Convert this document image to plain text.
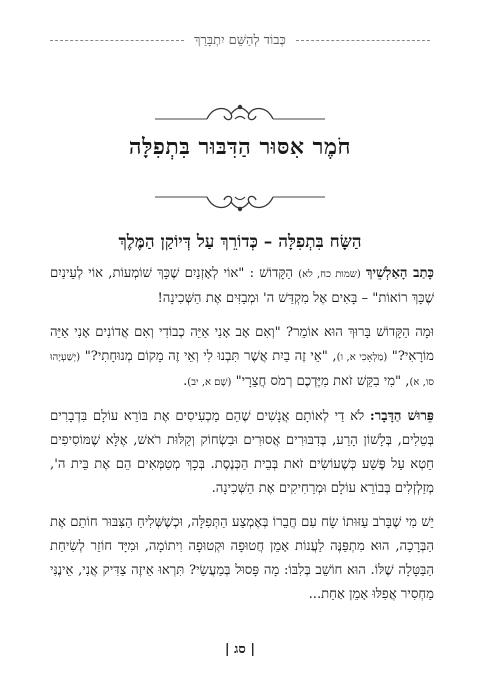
כְּבוֹד לְהַשֵּׁם יִתְבָּרַךְ
חֹמֶר אִסּוּר הַדִּבּוּר בִּתְפִלָּה
הַשָּׂח בִּתְפִלָּה – כְּדוֹרֵךְ עַל דְּיוֹקַן הַמֶּלֶךְ

כָּתַב הָאַלְשֵׁיךְ (שמות כח, לא) הַקָּדוֹשׁ : "אוֹי לְאָזְנַיִם שֶׁכָּךְ שׁוֹמְעוֹת, אוֹי לְעֵינַיִם שֶׁכָּךְ רוֹאוֹת" – בָּאִים אֶל מִקְדַּשׁ ה' וּמְבַזִּים אֶת הַשְּׁכִינָה!

וּמָה הַקָּדוֹשׁ בָּרוּךְ הוּא אוֹמֵר? "וְאִם אָב אָנִי אַיֵּה כְבוֹדִי וְאִם אֲדוֹנִים אָנִי אַיֵּה מוֹרָאִי?" (מַלְאָכִי א, ו), "אֵי זֶה בַיִת אֲשֶׁר תִּבְנוּ לִי וְאֵי זֶה מָקוֹם מְנוּחָתִי?" (יְשַׁעְיָהוּ סו, א), "מִי בִקֵּשׁ זֹאת מִיֶּדְכֶם רְמֹס חֲצֵרָי" (שָׁם א, יב).

פֵּרוּשׁ הַדָּבָר: לֹא דַי לְאוֹתָם אֲנָשִׁים שֶׁהֵם מַכְעִיסִים אֶת בּוֹרֵא עוֹלָם בִּדְבָרִים בְּטֵלִים, בְּלָשׁוֹן הָרַע, בְּדִבּוּרִים אֲסוּרִים וּבִשְׂחוֹק וְקַלּוּת רֹאשׁ, אֶלָּא שֶׁמּוֹסִיפִים חֵטְא עַל פֶּשַׁע כְּשֶׁעוֹשִׂים זֹאת בְּבֵית הַכְּנֶסֶת. בְּכָךְ מְטַמְּאִים הֵם אֶת בֵּית ה', מְזַלְזְלִים בְּבוֹרֵא עוֹלָם וּמְרַחִיקִים אֶת הַשְּׁכִינָה.

יֵשׁ מִי שֶׁבָּרֹב עַזּוּתוֹ שָׂח עִם חֲבֵרוֹ בְּאֶמְצַע הַתְּפִלָּה, וּכְשֶׁשְּׁלִיחַ הַצִּבּוּר חוֹתֵם אֶת הַבְּרָכָה, הוּא מִתְפַּנֶּה לַעֲנוֹת אָמֵן חֲטוּפָה וּקְטוּפָה וִיתוֹמָה, וּמִיָּד חוֹזֵר לְשִׂיחַת הַבַּטָּלָה שֶׁלּוֹ. הוּא חוֹשֵׁב בְּלִבּוֹ: מָה פָּסוּל בְּמַעֲשַׂי? תִּרְאוּ אֵיזֶה צַדִּיק אֲנִי, אֵינֶנִּי מַחְסִיר אֲפִלּוּ אָמֵן אַחַת...

| סג |
